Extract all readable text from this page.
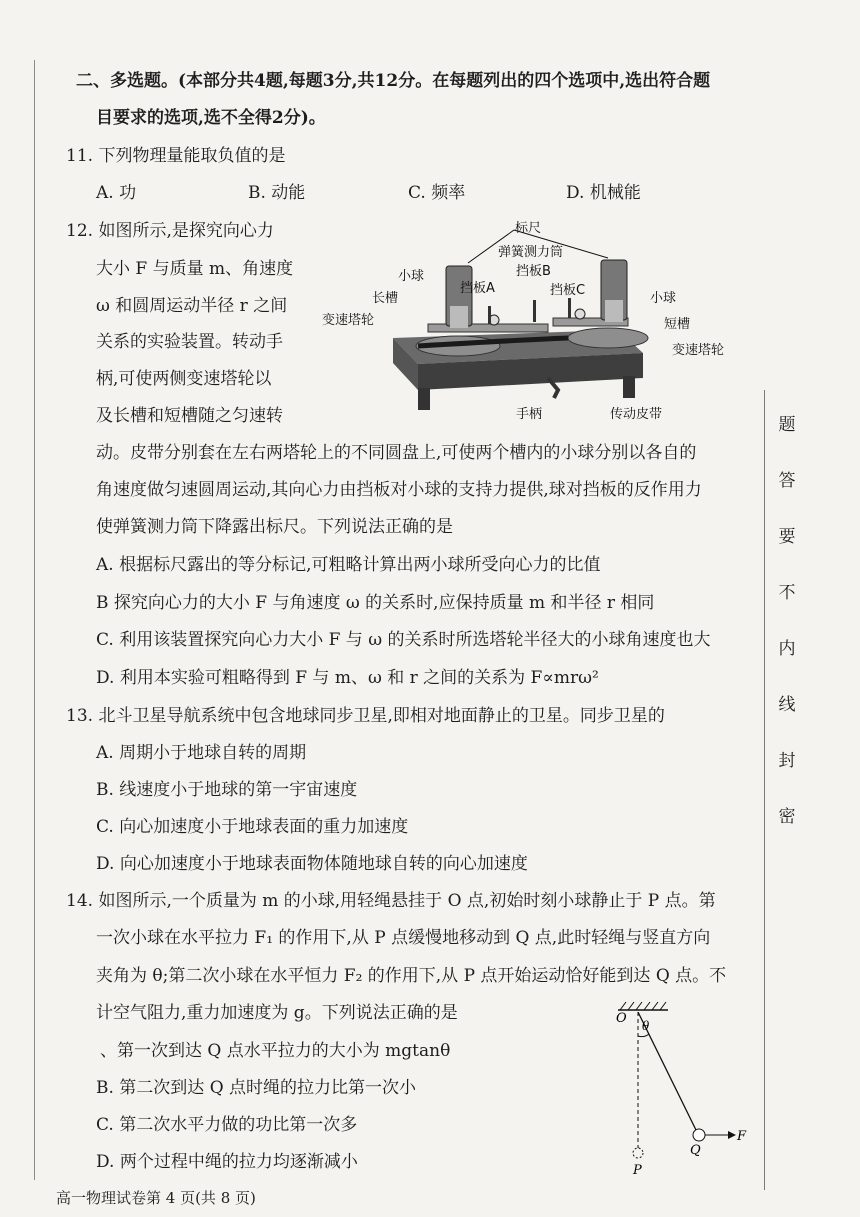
二、多选题。(本部分共4题,每题3分,共12分。在每题列出的四个选项中,选出符合题
目要求的选项,选不全得2分)。
11. 下列物理量能取负值的是
A. 功	B. 动能	C. 频率	D. 机械能
12. 如图所示,是探究向心力
大小 F 与质量 m、角速度
ω 和圆周运动半径 r 之间
关系的实验装置。转动手
柄,可使两侧变速塔轮以
及长槽和短槽随之匀速转
动。皮带分别套在左右两塔轮上的不同圆盘上,可使两个槽内的小球分别以各自的
角速度做匀速圆周运动,其向心力由挡板对小球的支持力提供,球对挡板的反作用力
使弹簧测力筒下降露出标尺。下列说法正确的是
A. 根据标尺露出的等分标记,可粗略计算出两小球所受向心力的比值
B 探究向心力的大小 F 与角速度 ω 的关系时,应保持质量 m 和半径 r 相同
C. 利用该装置探究向心力大小 F 与 ω 的关系时所选塔轮半径大的小球角速度也大
D. 利用本实验可粗略得到 F 与 m、ω 和 r 之间的关系为 F∝mrω²
标尺
弹簧测力筒
小球	挡板B
挡板A	挡板C
长槽	小球
变速塔轮	短槽
变速塔轮
手柄	传动皮带
13. 北斗卫星导航系统中包含地球同步卫星,即相对地面静止的卫星。同步卫星的
A. 周期小于地球自转的周期
B. 线速度小于地球的第一宇宙速度
C. 向心加速度小于地球表面的重力加速度
D. 向心加速度小于地球表面物体随地球自转的向心加速度
14. 如图所示,一个质量为 m 的小球,用轻绳悬挂于 O 点,初始时刻小球静止于 P 点。第
一次小球在水平拉力 F₁ 的作用下,从 P 点缓慢地移动到 Q 点,此时轻绳与竖直方向
夹角为 θ;第二次小球在水平恒力 F₂ 的作用下,从 P 点开始运动恰好能到达 Q 点。不
计空气阻力,重力加速度为 g。下列说法正确的是
、第一次到达 Q 点水平拉力的大小为 mgtanθ
B. 第二次到达 Q 点时绳的拉力比第一次小
C. 第二次水平力做的功比第一次多
D. 两个过程中绳的拉力均逐渐减小
O θ
Q
F
P
题
答
要
不
内
线
封
密
高一物理试卷第 4 页(共 8 页)
